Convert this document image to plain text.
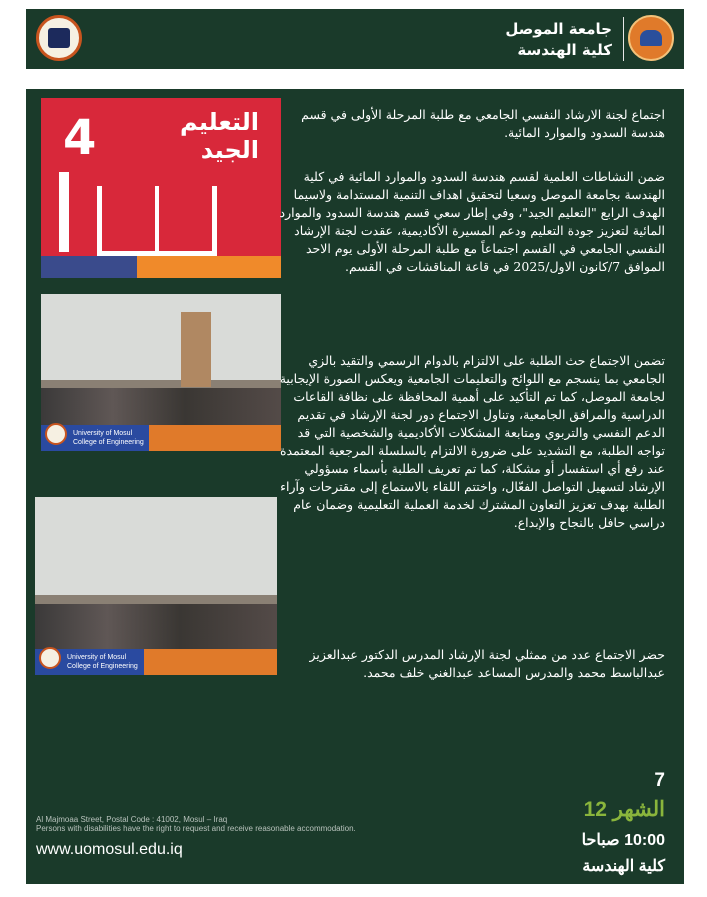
جامعة الموصل
كلية الهندسة
4	التعليم
الجيد
University of Mosul
College of Engineering
University of Mosul
College of Engineering
اجتماع لجنة الارشاد النفسي الجامعي مع طلبة المرحلة الأولى في قسم هندسة السدود والموارد المائية.
ضمن النشاطات العلمية لقسم هندسة السدود والموارد المائية في كلية الهندسة بجامعة الموصل وسعيا لتحقيق اهداف التنمية المستدامة ولاسيما الهدف الرابع "التعليم الجيد"، وفي إطار سعي قسم هندسة السدود والموارد المائية لتعزيز جودة التعليم ودعم المسيرة الأكاديمية، عقدت لجنة الإرشاد النفسي الجامعي في القسم اجتماعاً مع طلبة المرحلة الأولى يوم الاحد الموافق 7/كانون الاول/2025 في قاعة المناقشات في القسم.
تضمن الاجتماع حث الطلبة على الالتزام بالدوام الرسمي والتقيد بالزي الجامعي بما ينسجم مع اللوائح والتعليمات الجامعية ويعكس الصورة الإيجابية لجامعة الموصل، كما تم التأكيد على أهمية المحافظة على نظافة القاعات الدراسية والمرافق الجامعية، وتناول الاجتماع دور لجنة الإرشاد في تقديم الدعم النفسي والتربوي ومتابعة المشكلات الأكاديمية والشخصية التي قد تواجه الطلبة، مع التشديد على ضرورة الالتزام بالسلسلة المرجعية المعتمدة عند رفع أي استفسار أو مشكلة، كما تم تعريف الطلبة بأسماء مسؤولي الإرشاد لتسهيل التواصل الفعّال، واختتم اللقاء بالاستماع إلى مقترحات وآراء الطلبة بهدف تعزيز التعاون المشترك لخدمة العملية التعليمية وضمان عام دراسي حافل بالنجاح والإبداع.
حضر الاجتماع عدد من ممثلي لجنة الإرشاد المدرس الدكتور عبدالعزيز عبدالباسط محمد والمدرس المساعد عبدالغني خلف محمد.
7
الشهر 12
10:00 صباحا
كلية الهندسة
Al Majmoaa Street, Postal Code : 41002, Mosul – Iraq
Persons with disabilities have the right to request and receive reasonable accommodation.
www.uomosul.edu.iq
